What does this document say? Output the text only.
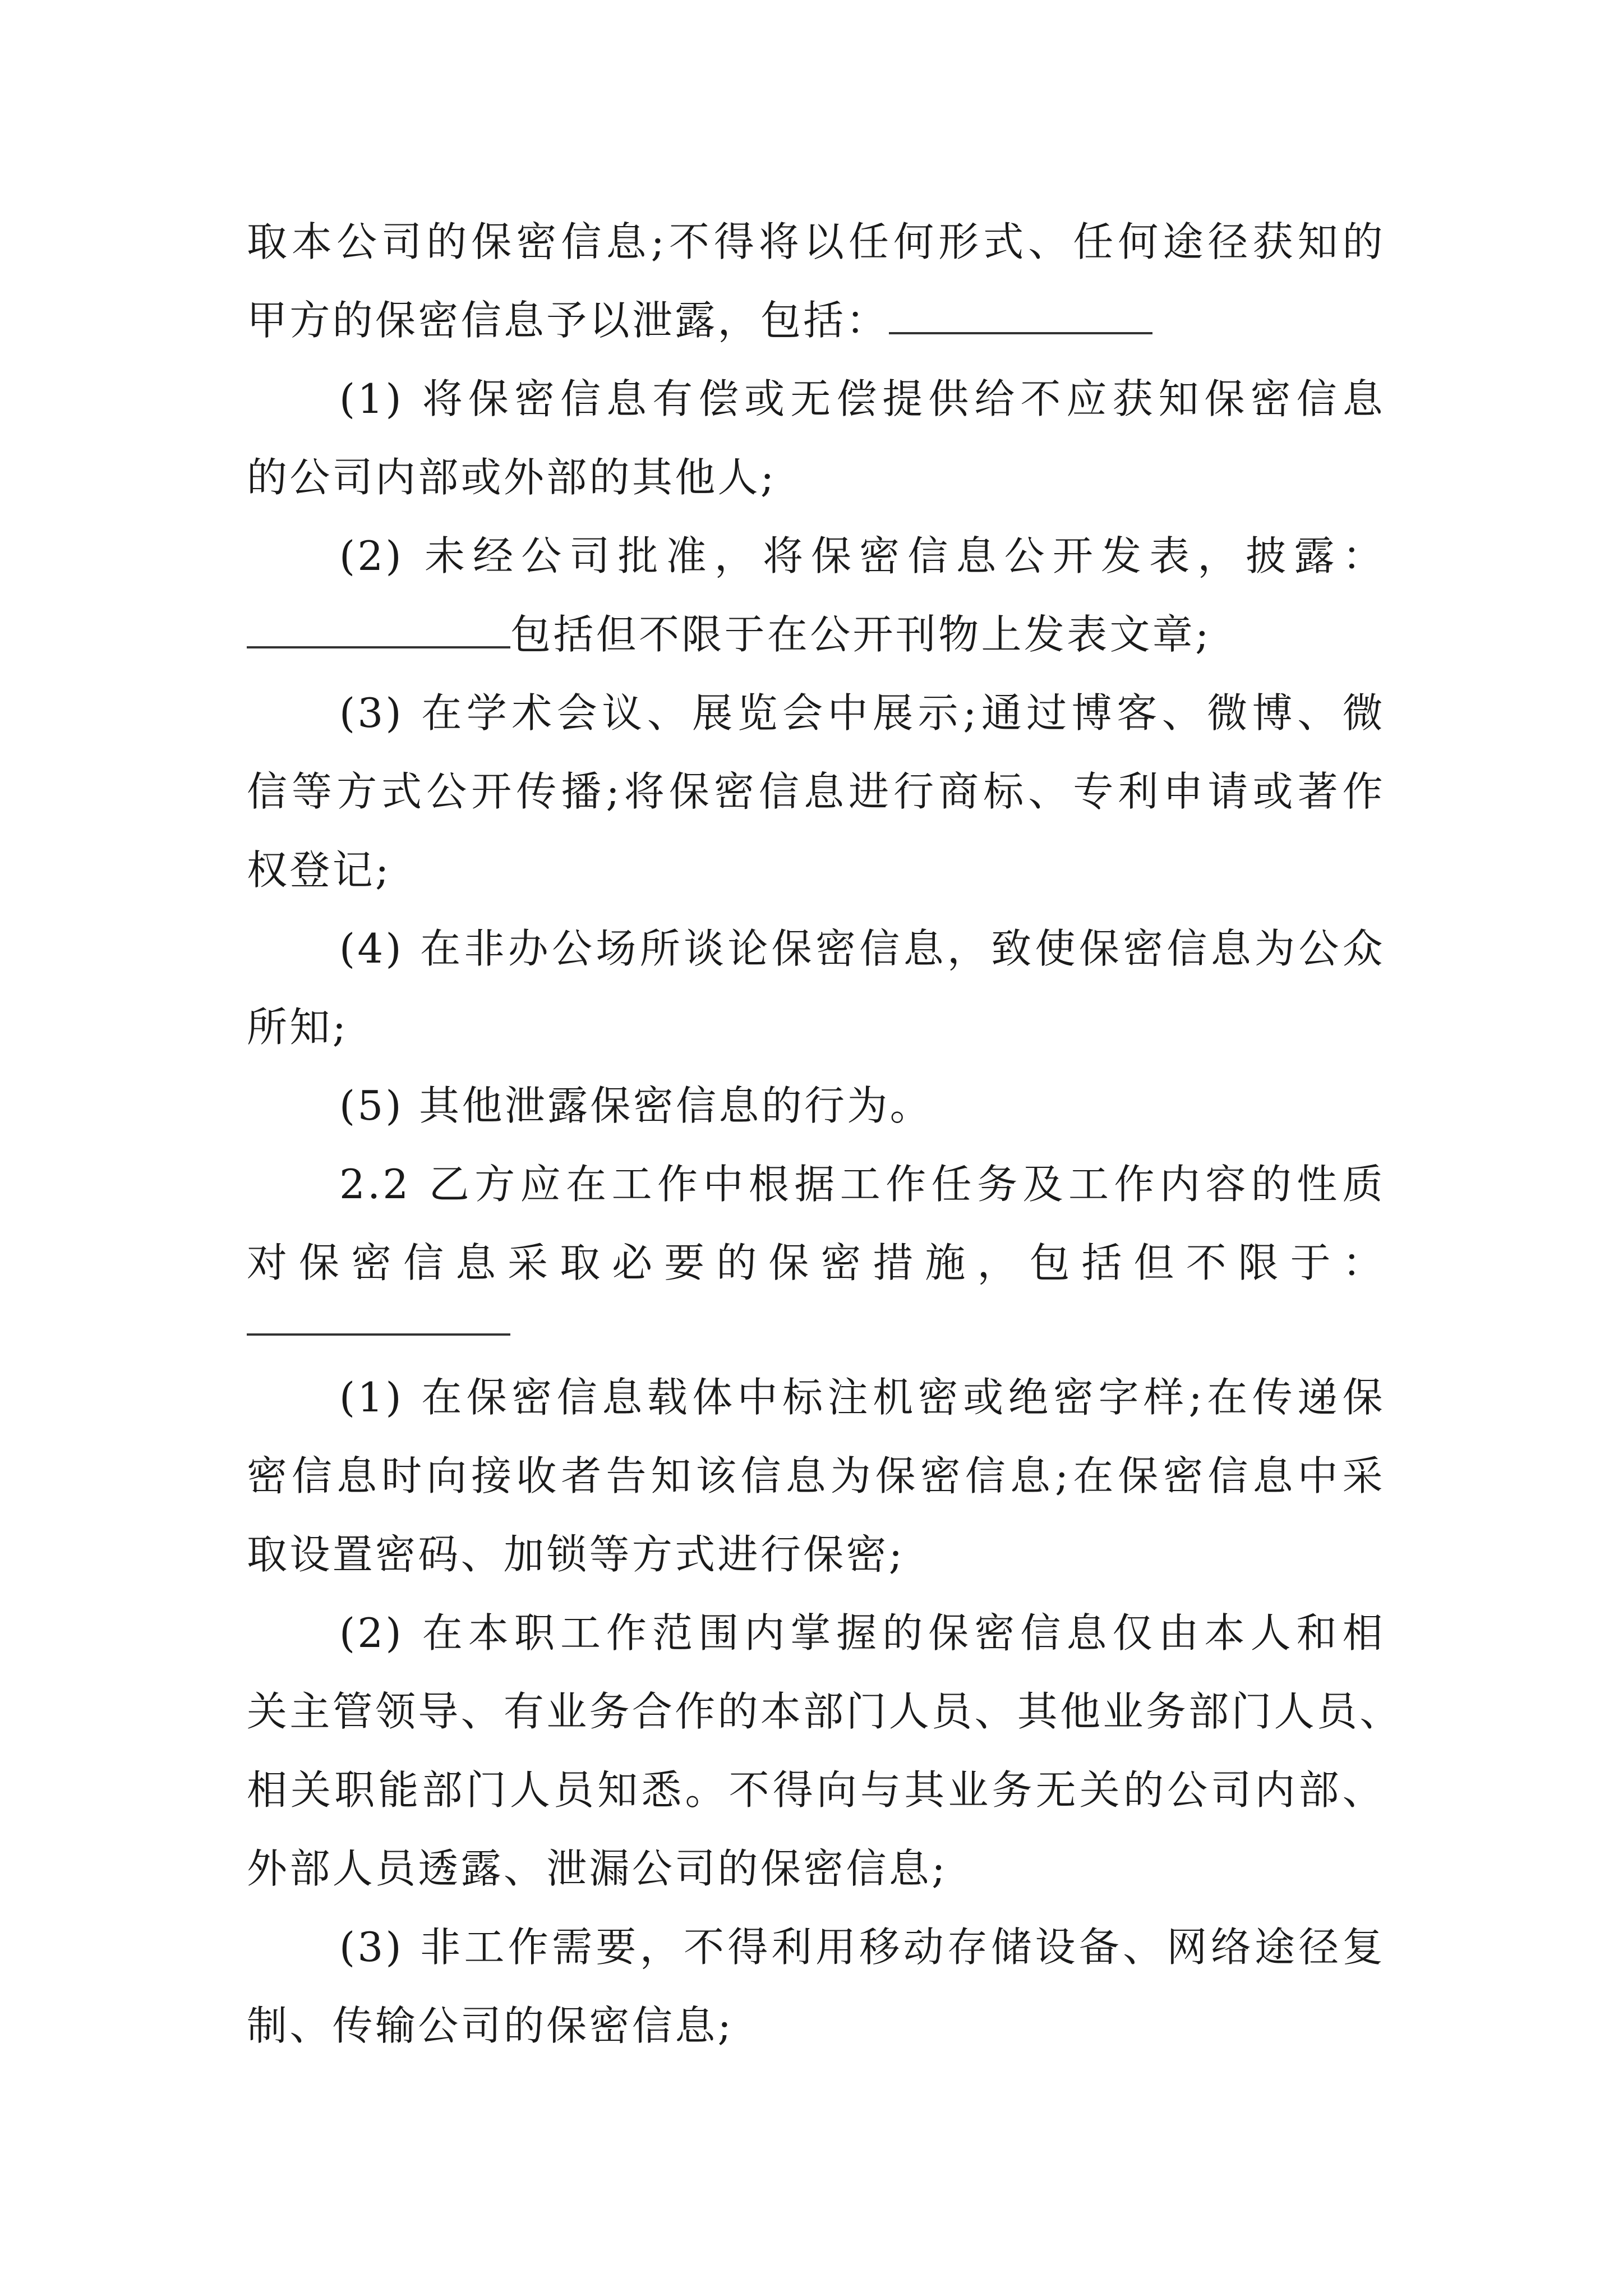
取本公司的保密信息;不得将以任何形式、任何途径获知的
甲方的保密信息予以泄露，包括：
(1) 将保密信息有偿或无偿提供给不应获知保密信息
的公司内部或外部的其他人;
(2) 未经公司批准，将保密信息公开发表，披露：
包括但不限于在公开刊物上发表文章;
(3) 在学术会议、展览会中展示;通过博客、微博、微
信等方式公开传播;将保密信息进行商标、专利申请或著作
权登记;
(4) 在非办公场所谈论保密信息，致使保密信息为公众
所知;
(5) 其他泄露保密信息的行为。
2.2 乙方应在工作中根据工作任务及工作内容的性质
对保密信息采取必要的保密措施，包括但不限于：
(1) 在保密信息载体中标注机密或绝密字样;在传递保
密信息时向接收者告知该信息为保密信息;在保密信息中采
取设置密码、加锁等方式进行保密;
(2) 在本职工作范围内掌握的保密信息仅由本人和相
关主管领导、有业务合作的本部门人员、其他业务部门人员、
相关职能部门人员知悉。不得向与其业务无关的公司内部、
外部人员透露、泄漏公司的保密信息;
(3) 非工作需要，不得利用移动存储设备、网络途径复
制、传输公司的保密信息;
